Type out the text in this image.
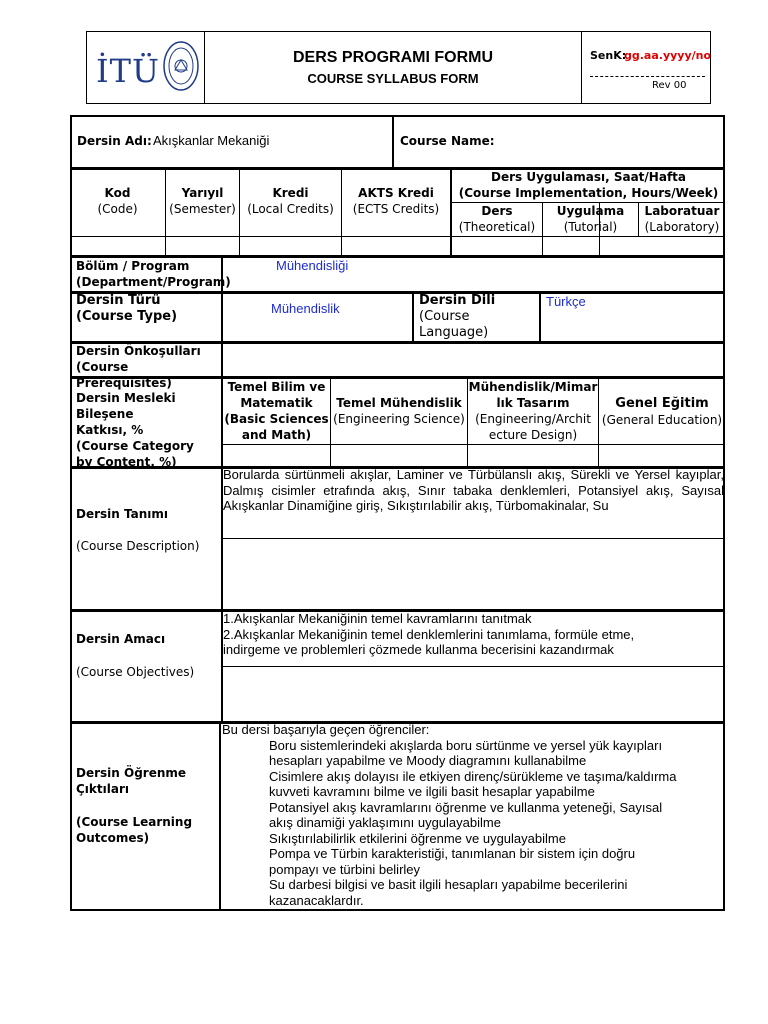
İTÜ	DERS PROGRAMI FORMU
COURSE SYLLABUS FORM
SenK:
gg.aa.yyyy/no
Rev 00
Dersin Adı: Akışkanlar Mekaniği	Course Name:
Kod
(Code)
Yarıyıl
(Semester)
Kredi
(Local Credits)
AKTS Kredi
(ECTS Credits)
Ders Uygulaması, Saat/Hafta
(Course Implementation, Hours/Week)
Ders
(Theoretical)
Uygulama
(Tutorial)
Laboratuar
(Laboratory)
Bölüm / Program
(Department/Program)
Mühendisliği
Dersin Türü
(Course Type)
Mühendislik
Dersin Dili
(Course Language)
Türkçe
Dersin Önkoşulları
(Course Prerequisites)
Dersin Mesleki Bileşene
Katkısı, %
(Course Category
by Content, %)
Temel Bilim ve
Matematik
(Basic Sciences
and Math)
Temel Mühendislik
(Engineering Science)
Mühendislik/Mimar
lık Tasarım
(Engineering/Archit
ecture Design)
Genel Eğitim
(General Education)
Dersin Tanımı
(Course Description)
Borularda sürtünmeli akışlar, Laminer ve Türbülanslı akış, Sürekli ve Yersel kayıplar, Dalmış cisimler etrafında akış, Sınır tabaka denklemleri, Potansiyel akış, Sayısal Akışkanlar Dinamiğine giriş, Sıkıştırılabilir akış, Türbomakinalar, Su
Dersin Amacı
(Course Objectives)
1.Akışkanlar Mekaniğinin temel kavramlarını tanıtmak
2.Akışkanlar Mekaniğinin temel denklemlerini tanımlama, formüle etme,
indirgeme ve problemleri çözmede kullanma becerisini kazandırmak
Dersin Öğrenme
Çıktıları
(Course Learning
Outcomes)
Bu dersi başarıyla geçen öğrenciler:
Boru sistemlerindeki akışlarda boru sürtünme ve yersel yük kayıpları
hesapları yapabilme ve Moody diagramını kullanabilme
Cisimlere akış dolayısı ile etkiyen direnç/sürükleme ve taşıma/kaldırma
kuvveti kavramını bilme ve ilgili basit hesaplar yapabilme
Potansiyel akış kavramlarını öğrenme ve kullanma yeteneği, Sayısal
akış dinamiği yaklaşımını uygulayabilme
Sıkıştırılabilirlik etkilerini öğrenme ve uygulayabilme
Pompa ve Türbin karakteristiği, tanımlanan bir sistem için doğru
pompayı ve türbini belirley
Su darbesi bilgisi ve basit ilgili hesapları yapabilme becerilerini
kazanacaklardır.
